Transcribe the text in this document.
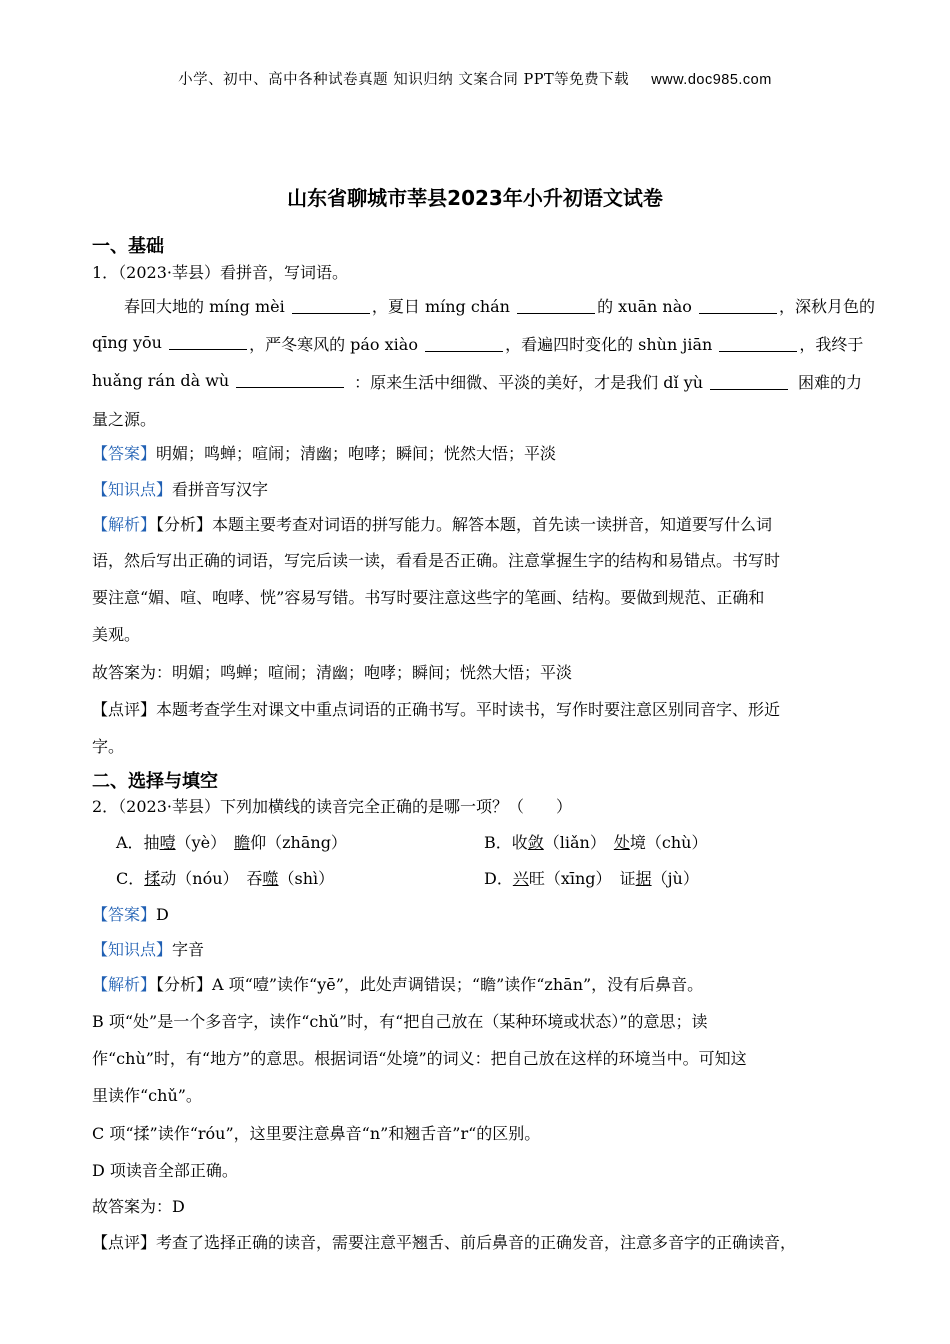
小学、初中、高中各种试卷真题 知识归纳 文案合同 PPT等免费下载 www.doc985.com
山东省聊城市莘县2023年小升初语文试卷
一、基础
1．（2023·莘县）看拼音，写词语。
春回大地的 míng mèi	，夏日 míng chán	的 xuān nào	，深秋月色的
qīng yōu	，严冬寒风的 páo xiào	，看遍四时变化的 shùn jiān	，我终于
huǎng rán dà wù	：原来生活中细微、平淡的美好，才是我们 dǐ yù	困难的力
量之源。
【答案】明媚；鸣蝉；喧闹；清幽；咆哮；瞬间；恍然大悟；平淡
【知识点】看拼音写汉字
【解析】【分析】本题主要考查对词语的拼写能力。解答本题，首先读一读拼音，知道要写什么词
语，然后写出正确的词语，写完后读一读，看看是否正确。注意掌握生字的结构和易错点。书写时
要注意“媚、喧、咆哮、恍”容易写错。书写时要注意这些字的笔画、结构。要做到规范、正确和
美观。
故答案为：明媚；鸣蝉；喧闹；清幽；咆哮；瞬间；恍然大悟；平淡
【点评】本题考查学生对课文中重点词语的正确书写。平时读书，写作时要注意区别同音字、形近
字。
二、选择与填空
2．（2023·莘县）下列加横线的读音完全正确的是哪一项？（　　）
A．抽噎（yè）　瞻仰（zhāng）	B．收敛（liǎn）　处境（chù）
C．揉动（nóu）　吞噬（shì）	D．兴旺（xīng）　证据（jù）
【答案】D
【知识点】字音
【解析】【分析】A 项“噎”读作“yē”，此处声调错误；“瞻”读作“zhān”，没有后鼻音。
B 项“处”是一个多音字，读作“chǔ”时，有“把自己放在（某种环境或状态）”的意思；读
作“chù”时，有“地方”的意思。根据词语“处境”的词义：把自己放在这样的环境当中。可知这
里读作“chǔ”。
C 项“揉”读作“róu”，这里要注意鼻音“n”和翘舌音”r“的区别。
D 项读音全部正确。
故答案为：D
【点评】考查了选择正确的读音，需要注意平翘舌、前后鼻音的正确发音，注意多音字的正确读音，
